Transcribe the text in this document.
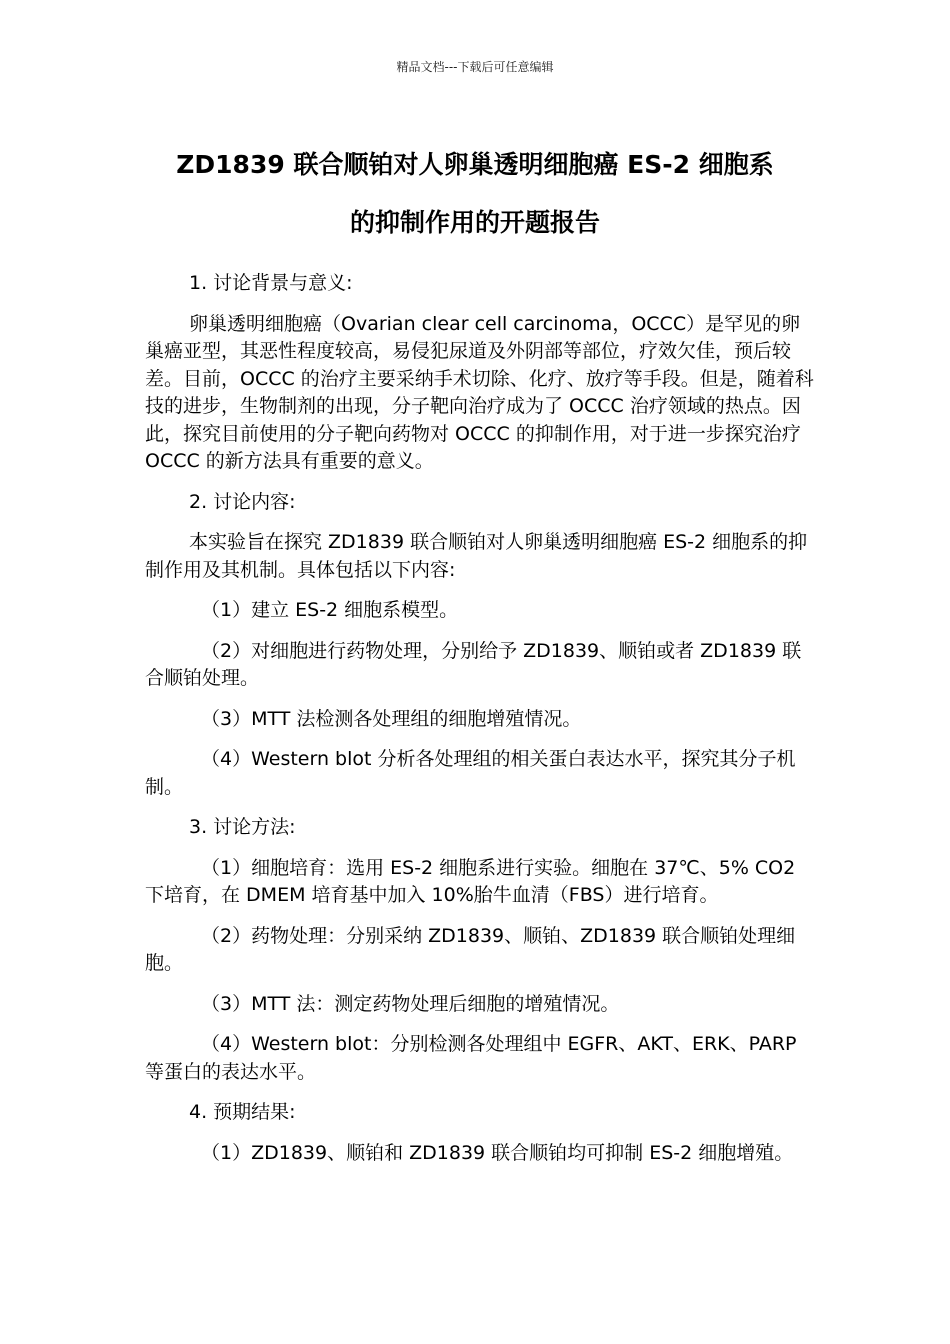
精品文档---下载后可任意编辑
ZD1839 联合顺铂对人卵巢透明细胞癌 ES-2 细胞系
的抑制作用的开题报告

1. 讨论背景与意义:

卵巢透明细胞癌（Ovarian clear cell carcinoma，OCCC）是罕见的卵巢癌亚型，其恶性程度较高，易侵犯尿道及外阴部等部位，疗效欠佳，预后较差。目前，OCCC 的治疗主要采纳手术切除、化疗、放疗等手段。但是，随着科技的进步，生物制剂的出现，分子靶向治疗成为了 OCCC 治疗领域的热点。因此，探究目前使用的分子靶向药物对 OCCC 的抑制作用，对于进一步探究治疗 OCCC 的新方法具有重要的意义。

2. 讨论内容:

本实验旨在探究 ZD1839 联合顺铂对人卵巢透明细胞癌 ES-2 细胞系的抑制作用及其机制。具体包括以下内容:

（1）建立 ES-2 细胞系模型。

（2）对细胞进行药物处理，分别给予 ZD1839、顺铂或者 ZD1839 联合顺铂处理。

（3）MTT 法检测各处理组的细胞增殖情况。

（4）Western blot 分析各处理组的相关蛋白表达水平，探究其分子机制。

3. 讨论方法:

（1）细胞培育：选用 ES-2 细胞系进行实验。细胞在 37℃、5% CO2 下培育，在 DMEM 培育基中加入 10%胎牛血清（FBS）进行培育。

（2）药物处理：分别采纳 ZD1839、顺铂、ZD1839 联合顺铂处理细胞。

（3）MTT 法：测定药物处理后细胞的增殖情况。

（4）Western blot：分别检测各处理组中 EGFR、AKT、ERK、PARP 等蛋白的表达水平。

4. 预期结果:

（1）ZD1839、顺铂和 ZD1839 联合顺铂均可抑制 ES-2 细胞增殖。
